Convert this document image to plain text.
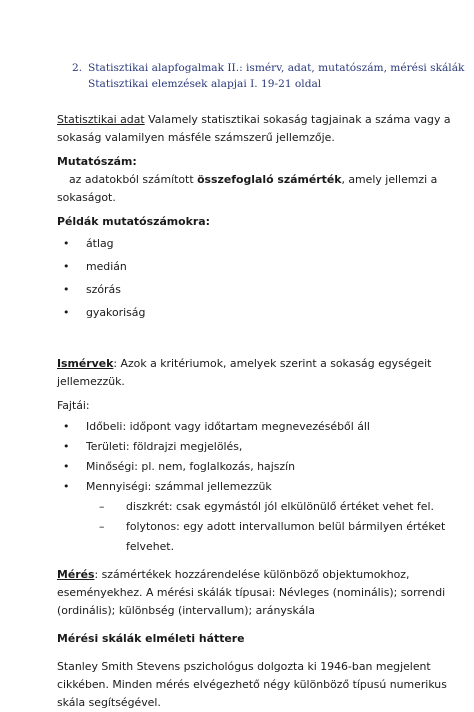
2. Statisztikai alapfogalmak II.: ismérv, adat, mutatószám, mérési skálák
Statisztikai elemzések alapjai I. 19-21 oldal
Statisztikai adat Valamely statisztikai sokaság tagjainak a száma vagy a
sokaság valamilyen másféle számszerű jellemzője.
Mutatószám:
az adatokból számított összefoglaló számérték, amely jellemzi a
sokaságot.
Példák mutatószámokra:
• átlag
• medián
• szórás
• gyakoriság
Ismérvek: Azok a kritériumok, amelyek szerint a sokaság egységeit
jellemezzük.
Fajtái:
• Időbeli: időpont vagy időtartam megnevezéséből áll
• Területi: földrajzi megjelölés,
• Minőségi: pl. nem, foglalkozás, hajszín
• Mennyiségi: számmal jellemezzük
– diszkrét: csak egymástól jól elkülönülő értéket vehet fel.
– folytonos: egy adott intervallumon belül bármilyen értéket
felvehet.
Mérés: számértékek hozzárendelése különböző objektumokhoz,
eseményekhez. A mérési skálák típusai: Névleges (nominális); sorrendi
(ordinális); különbség (intervallum); arányskála
Mérési skálák elméleti háttere
Stanley Smith Stevens pszichológus dolgozta ki 1946-ban megjelent
cikkében. Minden mérés elvégezhető négy különböző típusú numerikus
skála segítségével.
